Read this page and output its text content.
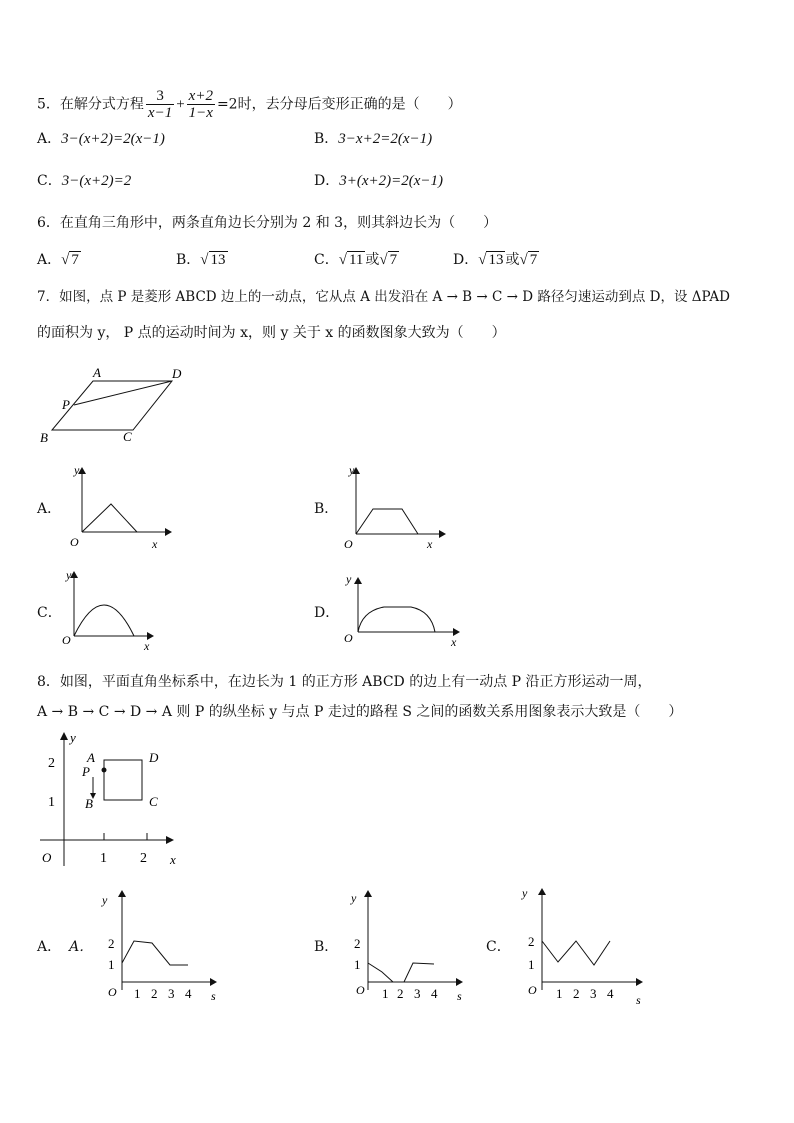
5．在解分式方程 $\frac{3}{x-1} + \frac{x+2}{1-x} =2$时，去分母后变形正确的是（　　）
A．3−(x+2)=2(x−1)	B．3−x+2=2(x−1)
C．3−(x+2)=2	D．3+(x+2)=2(x−1)
6．在直角三角形中，两条直角边长分别为 2 和 3，则其斜边长为（　　）
A．√ 7	B．√ 13	C．√ 11 或√ 7	D．√ 13 或√ 7
7．如图，点 P 是菱形 ABCD 边上的一动点，它从点 A 出发沿在 A → B → C → D 路径匀速运动到点 D，设 ΔPAD
的面积为 y， P 点的运动时间为 x，则 y 关于 x 的函数图象大致为（　　）
A	D
P
B	C
A．
y
x
O
B．
y
x
O
C．
y
x
O
D．
y
x
O
8．如图，平面直角坐标系中，在边长为 1 的正方形 ABCD 的边上有一动点 P 沿正方形运动一周，
A → B → C → D → A 则 P 的纵坐标 y 与点 P 走过的路程 S 之间的函数关系用图象表示大致是（　　）
y
2
1
1 2
O	x
A
P
B
D
C
A． A．
y
2
1
O 1 2 3 4 s
B．
y
2
1
O 1 2 3 4 s
C．
y
2
1
O 1 2 3 4 s
